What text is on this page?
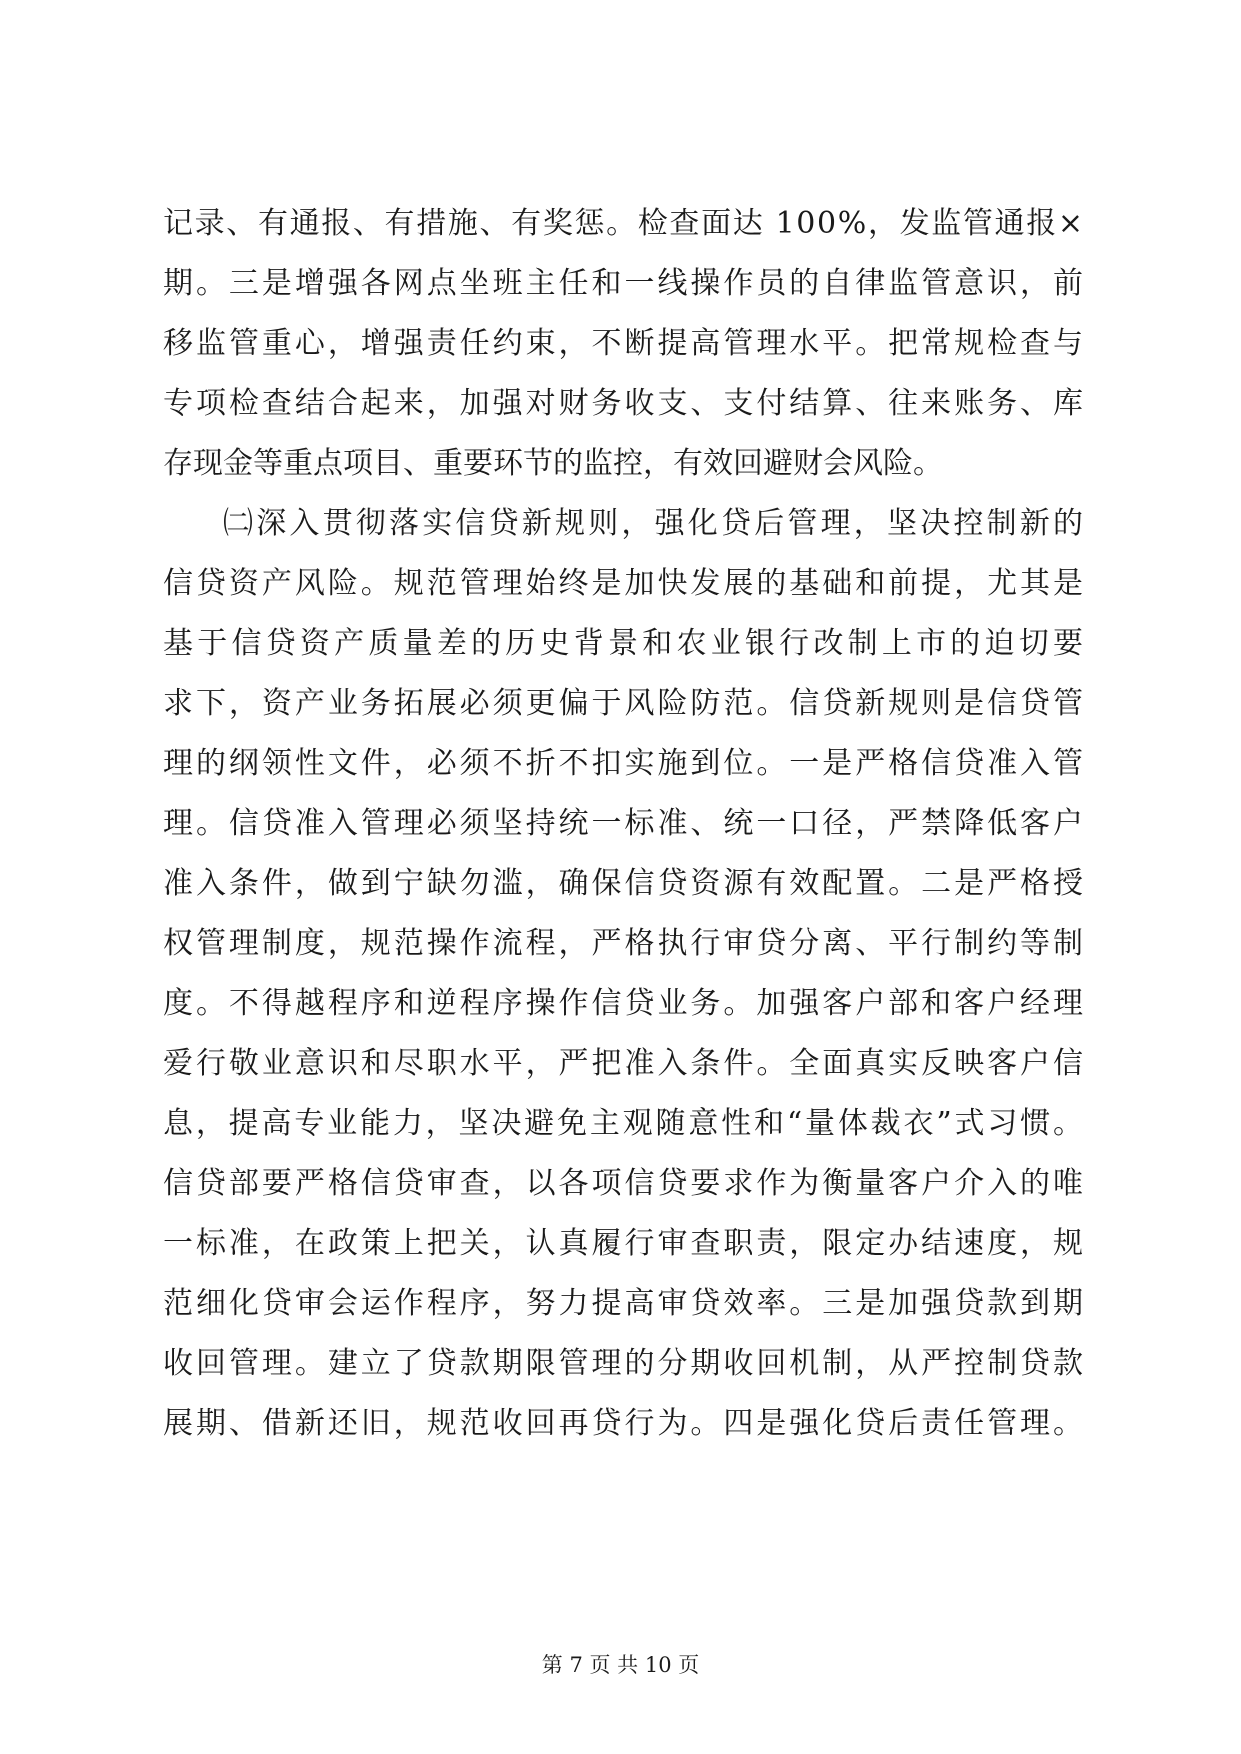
记录、有通报、有措施、有奖惩。检查面达 100%，发监管通报×
期。三是增强各网点坐班主任和一线操作员的自律监管意识，前
移监管重心，增强责任约束，不断提高管理水平。把常规检查与
专项检查结合起来，加强对财务收支、支付结算、往来账务、库
存现金等重点项目、重要环节的监控，有效回避财会风险。
㈡深入贯彻落实信贷新规则，强化贷后管理，坚决控制新的
信贷资产风险。规范管理始终是加快发展的基础和前提，尤其是
基于信贷资产质量差的历史背景和农业银行改制上市的迫切要
求下，资产业务拓展必须更偏于风险防范。信贷新规则是信贷管
理的纲领性文件，必须不折不扣实施到位。一是严格信贷准入管
理。信贷准入管理必须坚持统一标准、统一口径，严禁降低客户
准入条件，做到宁缺勿滥，确保信贷资源有效配置。二是严格授
权管理制度，规范操作流程，严格执行审贷分离、平行制约等制
度。不得越程序和逆程序操作信贷业务。加强客户部和客户经理
爱行敬业意识和尽职水平，严把准入条件。全面真实反映客户信
息，提高专业能力，坚决避免主观随意性和“量体裁衣”式习惯。
信贷部要严格信贷审查，以各项信贷要求作为衡量客户介入的唯
一标准，在政策上把关，认真履行审查职责，限定办结速度，规
范细化贷审会运作程序，努力提高审贷效率。三是加强贷款到期
收回管理。建立了贷款期限管理的分期收回机制，从严控制贷款
展期、借新还旧，规范收回再贷行为。四是强化贷后责任管理。
第 7 页 共 10 页
